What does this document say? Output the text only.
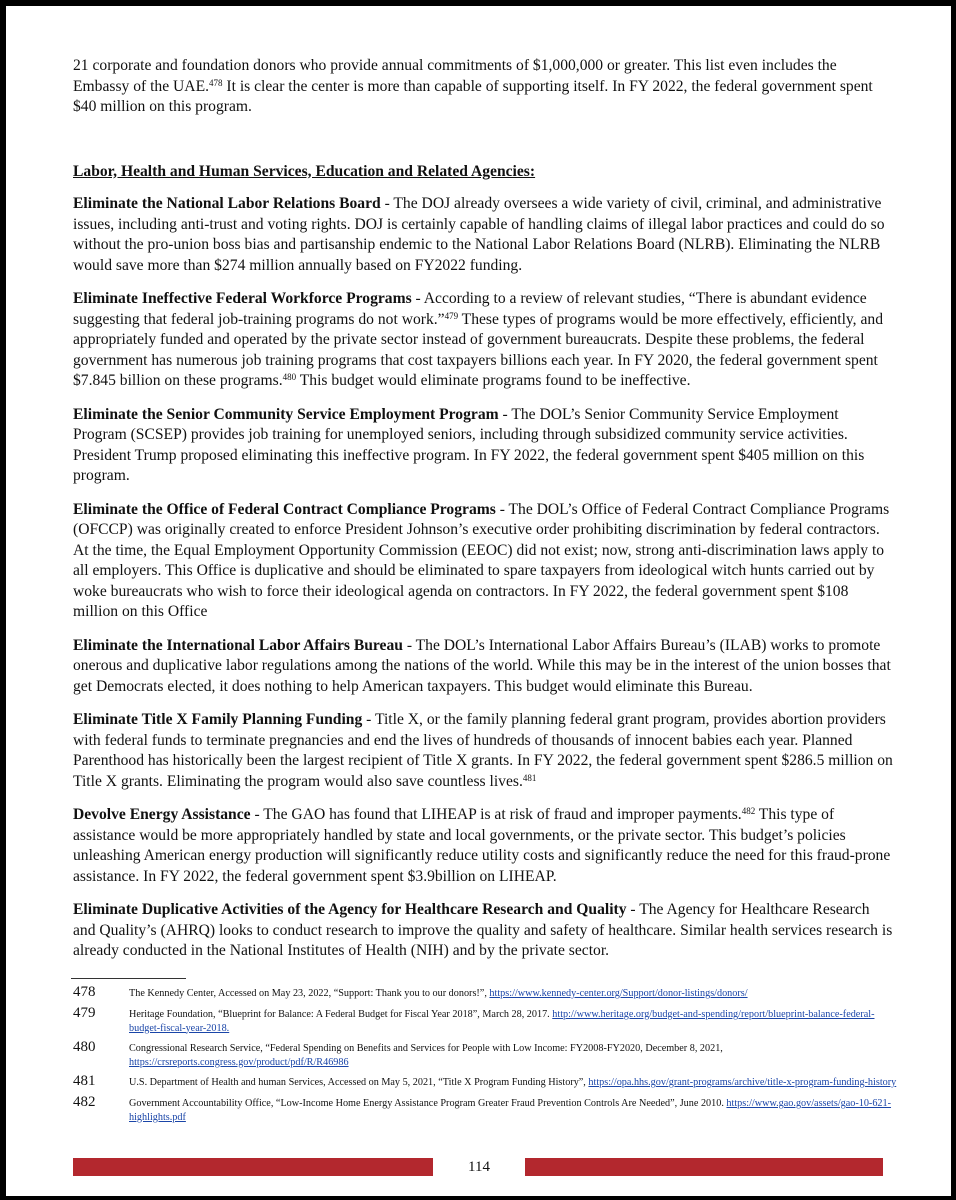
21 corporate and foundation donors who provide annual commitments of $1,000,000 or greater. This list even includes the Embassy of the UAE.$^{478}$ It is clear the center is more than capable of supporting itself. In FY 2022, the federal government spent $40 million on this program.

Labor, Health and Human Services, Education and Related Agencies:

Eliminate the National Labor Relations Board - The DOJ already oversees a wide variety of civil, criminal, and administrative issues, including anti-trust and voting rights. DOJ is certainly capable of handling claims of illegal labor practices and could do so without the pro-union boss bias and partisanship endemic to the National Labor Relations Board (NLRB). Eliminating the NLRB would save more than $274 million annually based on FY2022 funding.

Eliminate Ineffective Federal Workforce Programs - According to a review of relevant studies, “There is abundant evidence suggesting that federal job-training programs do not work.”$^{479}$ These types of programs would be more effectively, efficiently, and appropriately funded and operated by the private sector instead of government bureaucrats. Despite these problems, the federal government has numerous job training programs that cost taxpayers billions each year. In FY 2020, the federal government spent $7.845 billion on these programs.$^{480}$ This budget would eliminate programs found to be ineffective.

Eliminate the Senior Community Service Employment Program - The DOL’s Senior Community Service Employment Program (SCSEP) provides job training for unemployed seniors, including through subsidized community service activities. President Trump proposed eliminating this ineffective program. In FY 2022, the federal government spent $405 million on this program.

Eliminate the Office of Federal Contract Compliance Programs - The DOL’s Office of Federal Contract Compliance Programs (OFCCP) was originally created to enforce President Johnson’s executive order prohibiting discrimination by federal contractors. At the time, the Equal Employment Opportunity Commission (EEOC) did not exist; now, strong anti-discrimination laws apply to all employers. This Office is duplicative and should be eliminated to spare taxpayers from ideological witch hunts carried out by woke bureaucrats who wish to force their ideological agenda on contractors. In FY 2022, the federal government spent $108 million on this Office

Eliminate the International Labor Affairs Bureau - The DOL’s International Labor Affairs Bureau’s (ILAB) works to promote onerous and duplicative labor regulations among the nations of the world. While this may be in the interest of the union bosses that get Democrats elected, it does nothing to help American taxpayers. This budget would eliminate this Bureau.

Eliminate Title X Family Planning Funding - Title X, or the family planning federal grant program, provides abortion providers with federal funds to terminate pregnancies and end the lives of hundreds of thousands of innocent babies each year. Planned Parenthood has historically been the largest recipient of Title X grants. In FY 2022, the federal government spent $286.5 million on Title X grants. Eliminating the program would also save countless lives.$^{481}$

Devolve Energy Assistance - The GAO has found that LIHEAP is at risk of fraud and improper payments.$^{482}$ This type of assistance would be more appropriately handled by state and local governments, or the private sector. This budget’s policies unleashing American energy production will significantly reduce utility costs and significantly reduce the need for this fraud-prone assistance. In FY 2022, the federal government spent $3.9billion on LIHEAP.

Eliminate Duplicative Activities of the Agency for Healthcare Research and Quality - The Agency for Healthcare Research and Quality’s (AHRQ) looks to conduct research to improve the quality and safety of healthcare. Similar health services research is already conducted in the National Institutes of Health (NIH) and by the private sector.

478	The Kennedy Center, Accessed on May 23, 2022, “Support: Thank you to our donors!”, https://www.kennedy-center.org/Support/donor-listings/donors/
479	Heritage Foundation, “Blueprint for Balance: A Federal Budget for Fiscal Year 2018”, March 28, 2017. http://www.heritage.org/budget-and-spending/report/blueprint-balance-federal-budget-fiscal-year-2018.
480	Congressional Research Service, “Federal Spending on Benefits and Services for People with Low Income: FY2008-FY2020, December 8, 2021, https://crsreports.congress.gov/product/pdf/R/R46986
481	U.S. Department of Health and human Services, Accessed on May 5, 2021, “Title X Program Funding History”, https://opa.hhs.gov/grant-programs/archive/title-x-program-funding-history
482	Government Accountability Office, “Low-Income Home Energy Assistance Program Greater Fraud Prevention Controls Are Needed”, June 2010. https://www.gao.gov/assets/gao-10-621-highlights.pdf
114
